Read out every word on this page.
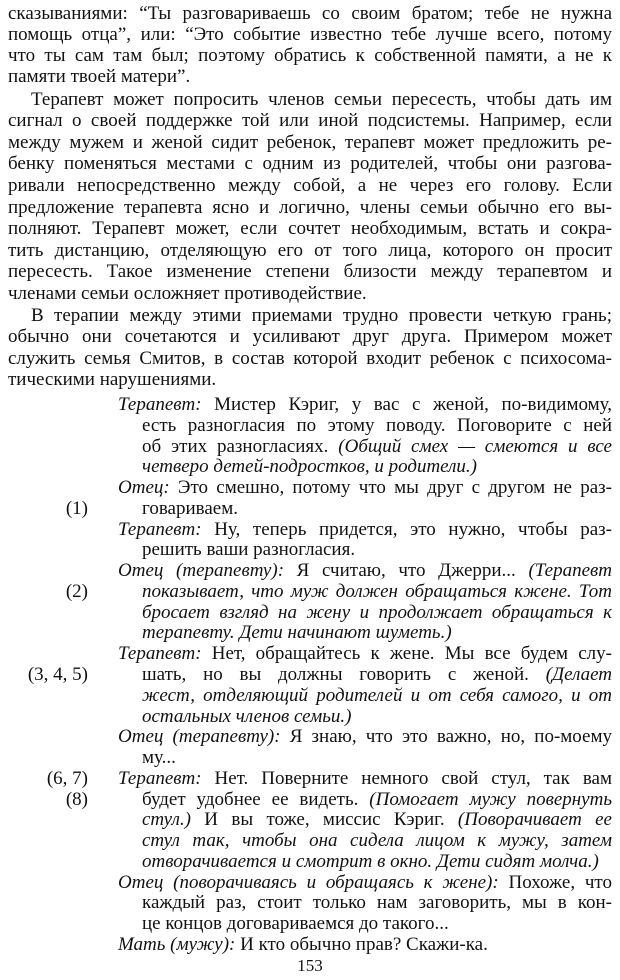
сказываниями: “Ты разговариваешь со своим братом; тебе не нужна
помощь отца”, или: “Это событие известно тебе лучше всего, потому
что ты сам там был; поэтому обратись к собственной памяти, а не к
памяти твоей матери”.
Терапевт может попросить членов семьи пересесть, чтобы дать им
сигнал о своей поддержке той или иной подсистемы. Например, если
между мужем и женой сидит ребенок, терапевт может предложить ре-
бенку поменяться местами с одним из родителей, чтобы они разгова-
ривали непосредственно между собой, а не через его голову. Если
предложение терапевта ясно и логично, члены семьи обычно его вы-
полняют. Терапевт может, если сочтет необходимым, встать и сокра-
тить дистанцию, отделяющую его от того лица, которого он просит
пересесть. Такое изменение степени близости между терапевтом и
членами семьи осложняет противодействие.
В терапии между этими приемами трудно провести четкую грань;
обычно они сочетаются и усиливают друг друга. Примером может
служить семья Смитов, в состав которой входит ребенок с психосома-
тическими нарушениями.
Терапевт: Мистер Кэриг, у вас с женой, по-видимому,
есть разногласия по этому поводу. Поговорите с ней
об этих разногласиях. (Общий смех — смеются и все
четверо детей-подростков, и родители.)
Отец: Это смешно, потому что мы друг с другом не раз-
говариваем.
Терапевт: Ну, теперь придется, это нужно, чтобы раз-
решить ваши разногласия.
Отец (терапевту): Я считаю, что Джерри... (Терапевт
показывает, что муж должен обращаться кжене. Тот
бросает взгляд на жену и продолжает обращаться к
терапевту. Дети начинают шуметь.)
Терапевт: Нет, обращайтесь к жене. Мы все будем слу-
шать, но вы должны говорить с женой. (Делает
жест, отделяющий родителей и от себя самого, и от
остальных членов семьи.)
Отец (терапевту): Я знаю, что это важно, но, по-моему
му...
Терапевт: Нет. Поверните немного свой стул, так вам
будет удобнее ее видеть. (Помогает мужу повернуть
стул.) И вы тоже, миссис Кэриг. (Поворачивает ее
стул так, чтобы она сидела лицом к мужу, затем
отворачивается и смотрит в окно. Дети сидят молча.)
Отец (поворачиваясь и обращаясь к жене): Похоже, что
каждый раз, стоит только нам заговорить, мы в кон-
це концов договариваемся до такого...
(1)
(2)
(3, 4, 5)
(6, 7)
(8)
153
Мать (мужу): И кто обычно прав? Скажи-ка.
